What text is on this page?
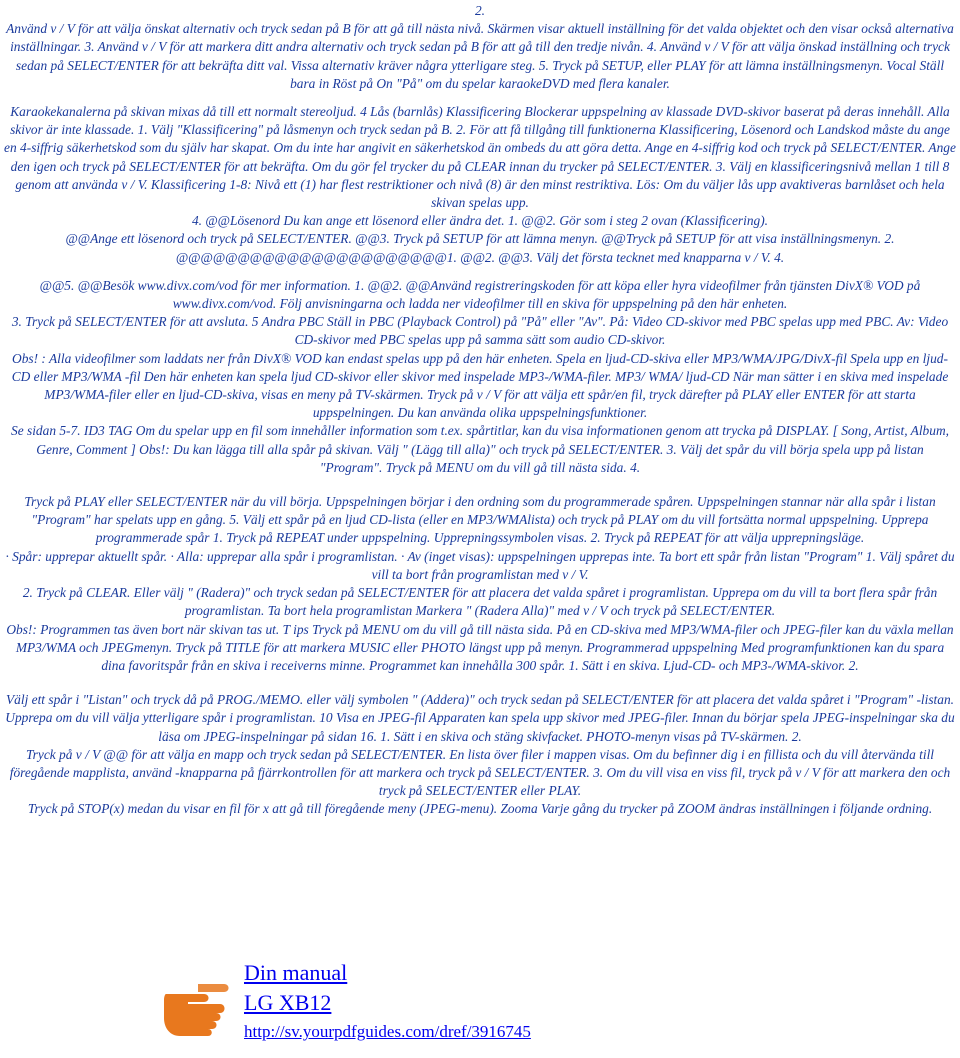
2.

Använd v / V för att välja önskat alternativ och tryck sedan på B för att gå till nästa nivå. Skärmen visar aktuell inställning för det valda objektet och den visar också alternativa inställningar. 3. Använd v / V för att markera ditt andra alternativ och tryck sedan på B för att gå till den tredje nivån. 4. Använd v / V för att välja önskad inställning och tryck sedan på SELECT/ENTER för att bekräfta ditt val. Vissa alternativ kräver några ytterligare steg. 5. Tryck på SETUP, eller PLAY för att lämna inställningsmenyn. Vocal Ställ bara in Röst på On "På" om du spelar karaokeDVD med flera kanaler.

Karaokekanalerna på skivan mixas då till ett normalt stereoljud. 4 Lås (barnlås) Klassificering Blockerar uppspelning av klassade DVD-skivor baserat på deras innehåll. Alla skivor är inte klassade. 1. Välj "Klassificering" på låsmenyn och tryck sedan på B. 2. För att få tillgång till funktionerna Klassificering, Lösenord och Landskod måste du ange en 4-siffrig säkerhetskod som du själv har skapat. Om du inte har angivit en säkerhetskod än ombeds du att göra detta. Ange en 4-siffrig kod och tryck på SELECT/ENTER. Ange den igen och tryck på SELECT/ENTER för att bekräfta. Om du gör fel trycker du på CLEAR innan du trycker på SELECT/ENTER. 3. Välj en klassificeringsnivå mellan 1 till 8 genom att använda v / V. Klassificering 1-8: Nivå ett (1) har flest restriktioner och nivå (8) är den minst restriktiva. Lös: Om du väljer lås upp avaktiveras barnlåset och hela skivan spelas upp.

4. @@Lösenord Du kan ange ett lösenord eller ändra det. 1. @@2. Gör som i steg 2 ovan (Klassificering).

@@Ange ett lösenord och tryck på SELECT/ENTER. @@3. Tryck på SETUP för att lämna menyn. @@Tryck på SETUP för att visa inställningsmenyn. 2. @@@@@@@@@@@@@@@@@@@@@@1. @@2. @@3. Välj det första tecknet med knapparna v / V. 4.

@@5. @@Besök www.divx.com/vod för mer information. 1. @@2. @@Använd registreringskoden för att köpa eller hyra videofilmer från tjänsten DivX® VOD på www.divx.com/vod. Följ anvisningarna och ladda ner videofilmer till en skiva för uppspelning på den här enheten.

3. Tryck på SELECT/ENTER för att avsluta. 5 Andra PBC Ställ in PBC (Playback Control) på "På" eller "Av". På: Video CD-skivor med PBC spelas upp med PBC. Av: Video CD-skivor med PBC spelas upp på samma sätt som audio CD-skivor.

Obs! : Alla videofilmer som laddats ner från DivX® VOD kan endast spelas upp på den här enheten. Spela en ljud-CD-skiva eller MP3/WMA/JPG/DivX-fil Spela upp en ljud-CD eller MP3/WMA -fil Den här enheten kan spela ljud CD-skivor eller skivor med inspelade MP3-/WMA-filer. MP3/ WMA/ ljud-CD När man sätter i en skiva med inspelade MP3/WMA-filer eller en ljud-CD-skiva, visas en meny på TV-skärmen. Tryck på v / V för att välja ett spår/en fil, tryck därefter på PLAY eller ENTER för att starta uppspelningen. Du kan använda olika uppspelningsfunktioner.

Se sidan 5-7. ID3 TAG Om du spelar upp en fil som innehåller information som t.ex. spårtitlar, kan du visa informationen genom att trycka på DISPLAY. [ Song, Artist, Album, Genre, Comment ] Obs!: Du kan lägga till alla spår på skivan. Välj " (Lägg till alla)" och tryck på SELECT/ENTER. 3. Välj det spår du vill börja spela upp på listan "Program". Tryck på MENU om du vill gå till nästa sida. 4.

Tryck på PLAY eller SELECT/ENTER när du vill börja. Uppspelningen börjar i den ordning som du programmerade spåren. Uppspelningen stannar när alla spår i listan "Program" har spelats upp en gång. 5. Välj ett spår på en ljud CD-lista (eller en MP3/WMAlista) och tryck på PLAY om du vill fortsätta normal uppspelning. Upprepa programmerade spår 1. Tryck på REPEAT under uppspelning. Upprepningssymbolen visas. 2. Tryck på REPEAT för att välja upprepningsläge.

· Spår: upprepar aktuellt spår. · Alla: upprepar alla spår i programlistan. · Av (inget visas): uppspelningen upprepas inte. Ta bort ett spår från listan "Program" 1. Välj spåret du vill ta bort från programlistan med v / V.

2. Tryck på CLEAR. Eller välj " (Radera)" och tryck sedan på SELECT/ENTER för att placera det valda spåret i programlistan. Upprepa om du vill ta bort flera spår från programlistan. Ta bort hela programlistan Markera " (Radera Alla)" med v / V och tryck på SELECT/ENTER.

Obs!: Programmen tas även bort när skivan tas ut. T ips Tryck på MENU om du vill gå till nästa sida. På en CD-skiva med MP3/WMA-filer och JPEG-filer kan du växla mellan MP3/WMA och JPEGmenyn. Tryck på TITLE för att markera MUSIC eller PHOTO längst upp på menyn. Programmerad uppspelning Med programfunktionen kan du spara dina favoritspår från en skiva i receiverns minne. Programmet kan innehålla 300 spår. 1. Sätt i en skiva. Ljud-CD- och MP3-/WMA-skivor. 2.

Välj ett spår i "Listan" och tryck då på PROG./MEMO. eller välj symbolen " (Addera)" och tryck sedan på SELECT/ENTER för att placera det valda spåret i "Program" -listan. Upprepa om du vill välja ytterligare spår i programlistan. 10 Visa en JPEG-fil Apparaten kan spela upp skivor med JPEG-filer. Innan du börjar spela JPEG-inspelningar ska du läsa om JPEG-inspelningar på sidan 16. 1. Sätt i en skiva och stäng skivfacket. PHOTO-menyn visas på TV-skärmen. 2.

Tryck på v / V @@ för att välja en mapp och tryck sedan på SELECT/ENTER. En lista över filer i mappen visas. Om du befinner dig i en fillista och du vill återvända till föregående mapplista, använd -knapparna på fjärrkontrollen för att markera och tryck på SELECT/ENTER. 3. Om du vill visa en viss fil, tryck på v / V för att markera den och tryck på SELECT/ENTER eller PLAY.

Tryck på STOP(x) medan du visar en fil för x att gå till föregående meny (JPEG-menu). Zooma Varje gång du trycker på ZOOM ändras inställningen i följande ordning.

Din manual
LG XB12
http://sv.yourpdfguides.com/dref/3916745
